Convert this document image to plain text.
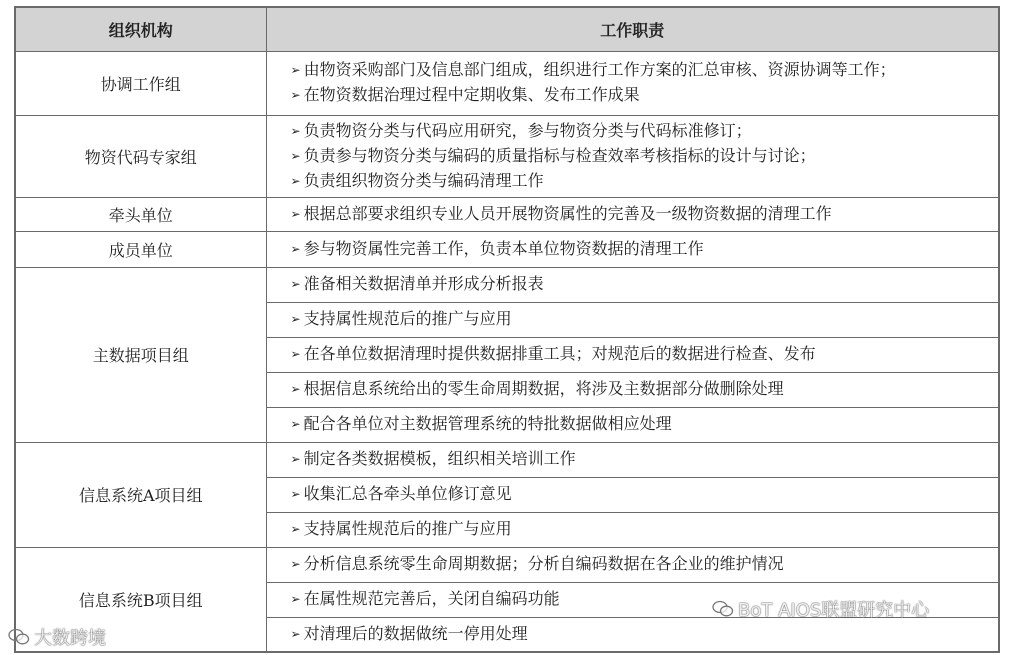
组织机构	工作职责
协调工作组	➢ 由物资采购部门及信息部门组成，组织进行工作方案的汇总审核、资源协调等工作；
➢ 在物资数据治理过程中定期收集、发布工作成果

物资代码专家组	➢ 负责物资分类与代码应用研究，参与物资分类与代码标准修订；
➢ 负责参与物资分类与编码的质量指标与检查效率考核指标的设计与讨论；
➢ 负责组织物资分类与编码清理工作

牵头单位	➢ 根据总部要求组织专业人员开展物资属性的完善及一级物资数据的清理工作

成员单位	➢ 参与物资属性完善工作，负责本单位物资数据的清理工作

主数据项目组	➢ 准备相关数据清单并形成分析报表

	➢ 支持属性规范后的推广与应用

	➢ 在各单位数据清理时提供数据排重工具；对规范后的数据进行检查、发布

	➢ 根据信息系统给出的零生命周期数据，将涉及主数据部分做删除处理

	➢ 配合各单位对主数据管理系统的特批数据做相应处理

信息系统A项目组	➢ 制定各类数据模板，组织相关培训工作

	➢ 收集汇总各牵头单位修订意见

	➢ 支持属性规范后的推广与应用

信息系统B项目组	➢ 分析信息系统零生命周期数据；分析自编码数据在各企业的维护情况

	➢ 在属性规范完善后，关闭自编码功能

	➢ 对清理后的数据做统一停用处理
BoT AIOS联盟研究中心
大数跨境
